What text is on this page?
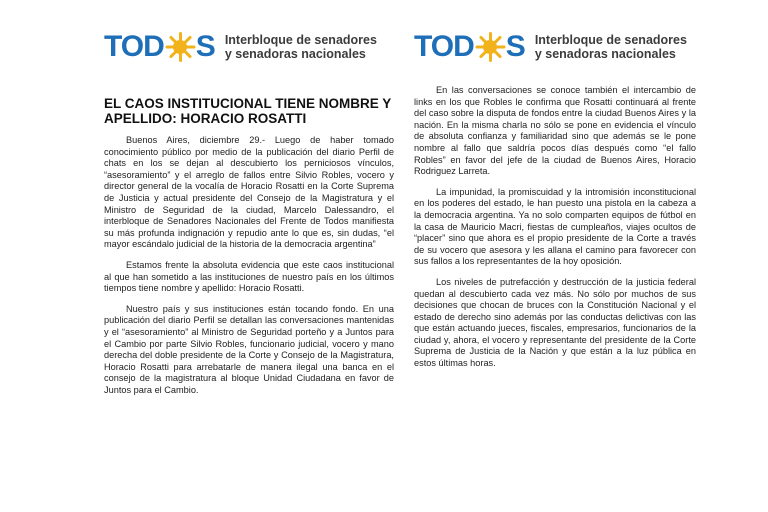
TOD S Interbloque de senadores
y senadoras nacionales
EL CAOS INSTITUCIONAL TIENE NOMBRE Y APELLIDO: HORACIO ROSATTI

Buenos Aires, diciembre 29.- Luego de haber tomado conocimiento público por medio de la publicación del diario Perfil de chats en los se dejan al descubierto los perniciosos vínculos, “asesoramiento” y el arreglo de fallos entre Silvio Robles, vocero y director general de la vocalía de Horacio Rosatti en la Corte Suprema de Justicia y actual presidente del Consejo de la Magistratura y el Ministro de Seguridad de la ciudad, Marcelo Dalessandro, el interbloque de Senadores Nacionales del Frente de Todos manifiesta su más profunda indignación y repudio ante lo que es, sin dudas, “el mayor escándalo judicial de la historia de la democracia argentina”

Estamos frente la absoluta evidencia que este caos institucional al que han sometido a las instituciones de nuestro país en los últimos tiempos tiene nombre y apellido: Horacio Rosatti.

Nuestro país y sus instituciones están tocando fondo. En una publicación del diario Perfil se detallan las conversaciones mantenidas y el “asesoramiento” al Ministro de Seguridad porteño y a Juntos para el Cambio por parte Silvio Robles, funcionario judicial, vocero y mano derecha del doble presidente de la Corte y Consejo de la Magistratura, Horacio Rosatti para arrebatarle de manera ilegal una banca en el consejo de la magistratura al bloque Unidad Ciudadana en favor de Juntos para el Cambio.

TOD S Interbloque de senadores
y senadoras nacionales

En las conversaciones se conoce también el intercambio de links en los que Robles le confirma que Rosatti continuará al frente del caso sobre la disputa de fondos entre la ciudad Buenos Aires y la nación. En la misma charla no sólo se pone en evidencia el vínculo de absoluta confianza y familiaridad sino que además se le pone nombre al fallo que saldría pocos días después como “el fallo Robles” en favor del jefe de la ciudad de Buenos Aires, Horacio Rodriguez Larreta.

La impunidad, la promiscuidad y la intromisión inconstitucional en los poderes del estado, le han puesto una pistola en la cabeza a la democracia argentina. Ya no solo comparten equipos de fútbol en la casa de Mauricio Macri, fiestas de cumpleaños, viajes ocultos de “placer” sino que ahora es el propio presidente de la Corte a través de su vocero que asesora y les allana el camino para favorecer con sus fallos a los representantes de la hoy oposición.

Los niveles de putrefacción y destrucción de la justicia federal quedan al descubierto cada vez más. No sólo por muchos de sus decisiones que chocan de bruces con la Constitución Nacional y el estado de derecho sino además por las conductas delictivas con las que están actuando jueces, fiscales, empresarios, funcionarios de la ciudad y, ahora, el vocero y representante del presidente de la Corte Suprema de Justicia de la Nación y que están a la luz pública en estos últimas horas.
